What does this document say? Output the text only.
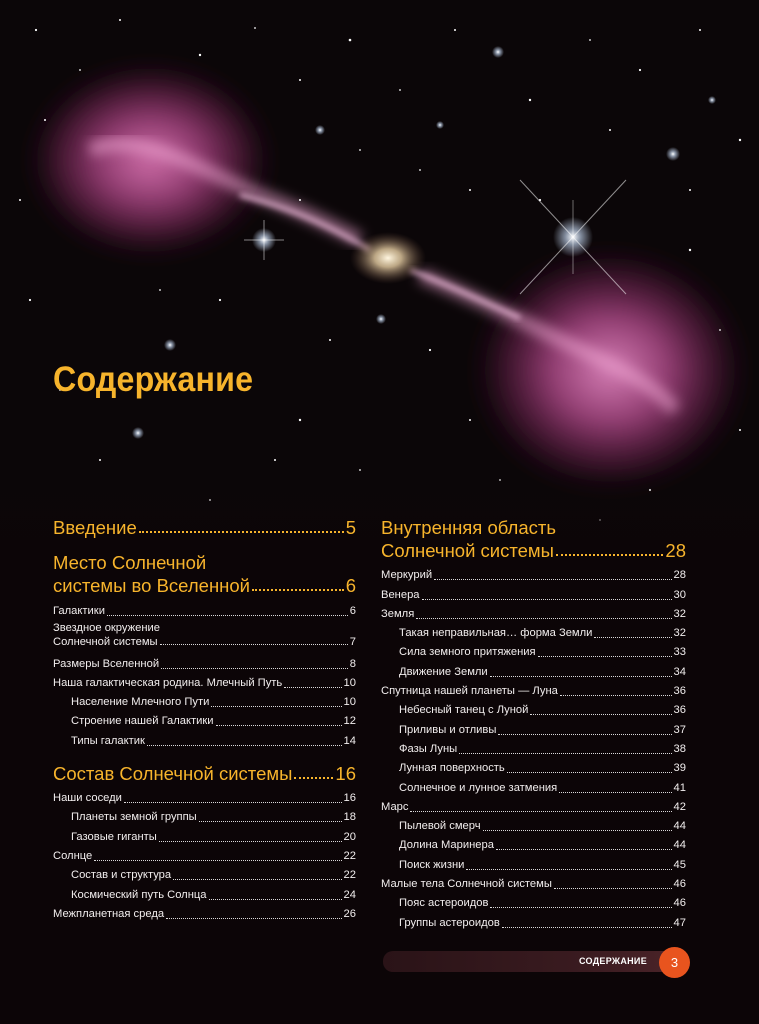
Содержание
Введение	5
Место Солнечной
системы во Вселенной	6
Галактики	6
Звездное окружение
Солнечной системы	7
Размеры Вселенной	8
Наша галактическая родина. Млечный Путь	10
Население Млечного Пути	10
Строение нашей Галактики	12
Типы галактик	14
Состав Солнечной системы 16
Наши соседи	16
Планеты земной группы	18
Газовые гиганты	20
Солнце	22
Состав и структура	22
Космический путь Солнца	24
Межпланетная среда	26
Внутренняя область
Солнечной системы	28
Меркурий	28
Венера	30
Земля	32
Такая неправильная… форма Земли	32
Сила земного притяжения	33
Движение Земли	34
Спутница нашей планеты — Луна	36
Небесный танец с Луной	36
Приливы и отливы	37
Фазы Луны	38
Лунная поверхность	39
Солнечное и лунное затмения	41
Марс	42
Пылевой смерч	44
Долина Маринера	44
Поиск жизни	45
Малые тела Солнечной системы	46
Пояс астероидов	46
Группы астероидов	47
СОДЕРЖАНИЕ	3
